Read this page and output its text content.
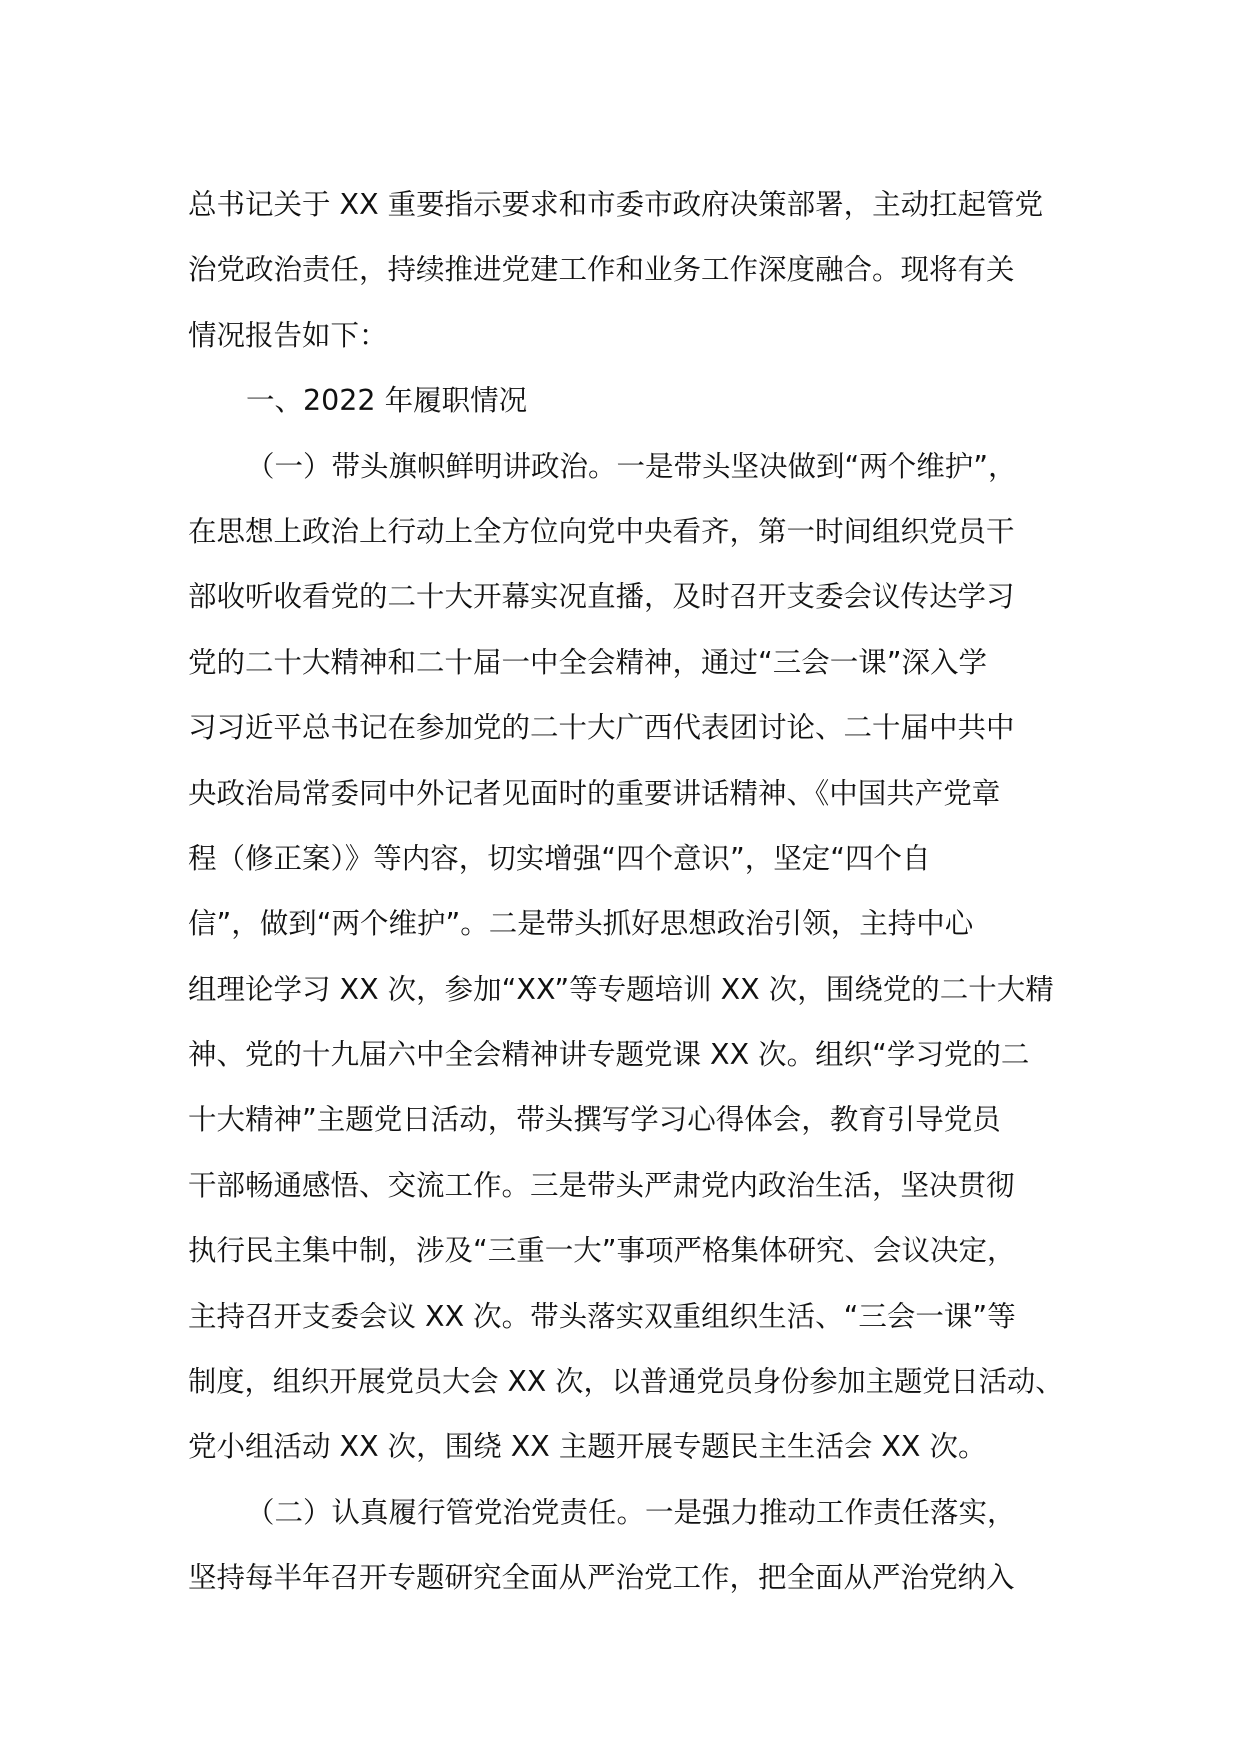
总书记关于 XX 重要指示要求和市委市政府决策部署，主动扛起管党
治党政治责任，持续推进党建工作和业务工作深度融合。现将有关
情况报告如下：
一、2022 年履职情况
（一）带头旗帜鲜明讲政治。一是带头坚决做到“两个维护”，
在思想上政治上行动上全方位向党中央看齐，第一时间组织党员干
部收听收看党的二十大开幕实况直播，及时召开支委会议传达学习
党的二十大精神和二十届一中全会精神，通过“三会一课”深入学
习习近平总书记在参加党的二十大广西代表团讨论、二十届中共中
央政治局常委同中外记者见面时的重要讲话精神、《中国共产党章
程（修正案）》等内容，切实增强“四个意识”，坚定“四个自
信”，做到“两个维护”。二是带头抓好思想政治引领，主持中心
组理论学习 XX 次，参加“XX”等专题培训 XX 次，围绕党的二十大精
神、党的十九届六中全会精神讲专题党课 XX 次。组织“学习党的二
十大精神”主题党日活动，带头撰写学习心得体会，教育引导党员
干部畅通感悟、交流工作。三是带头严肃党内政治生活，坚决贯彻
执行民主集中制，涉及“三重一大”事项严格集体研究、会议决定，
主持召开支委会议 XX 次。带头落实双重组织生活、“三会一课”等
制度，组织开展党员大会 XX 次，以普通党员身份参加主题党日活动、
党小组活动 XX 次，围绕 XX 主题开展专题民主生活会 XX 次。
（二）认真履行管党治党责任。一是强力推动工作责任落实，
坚持每半年召开专题研究全面从严治党工作，把全面从严治党纳入
